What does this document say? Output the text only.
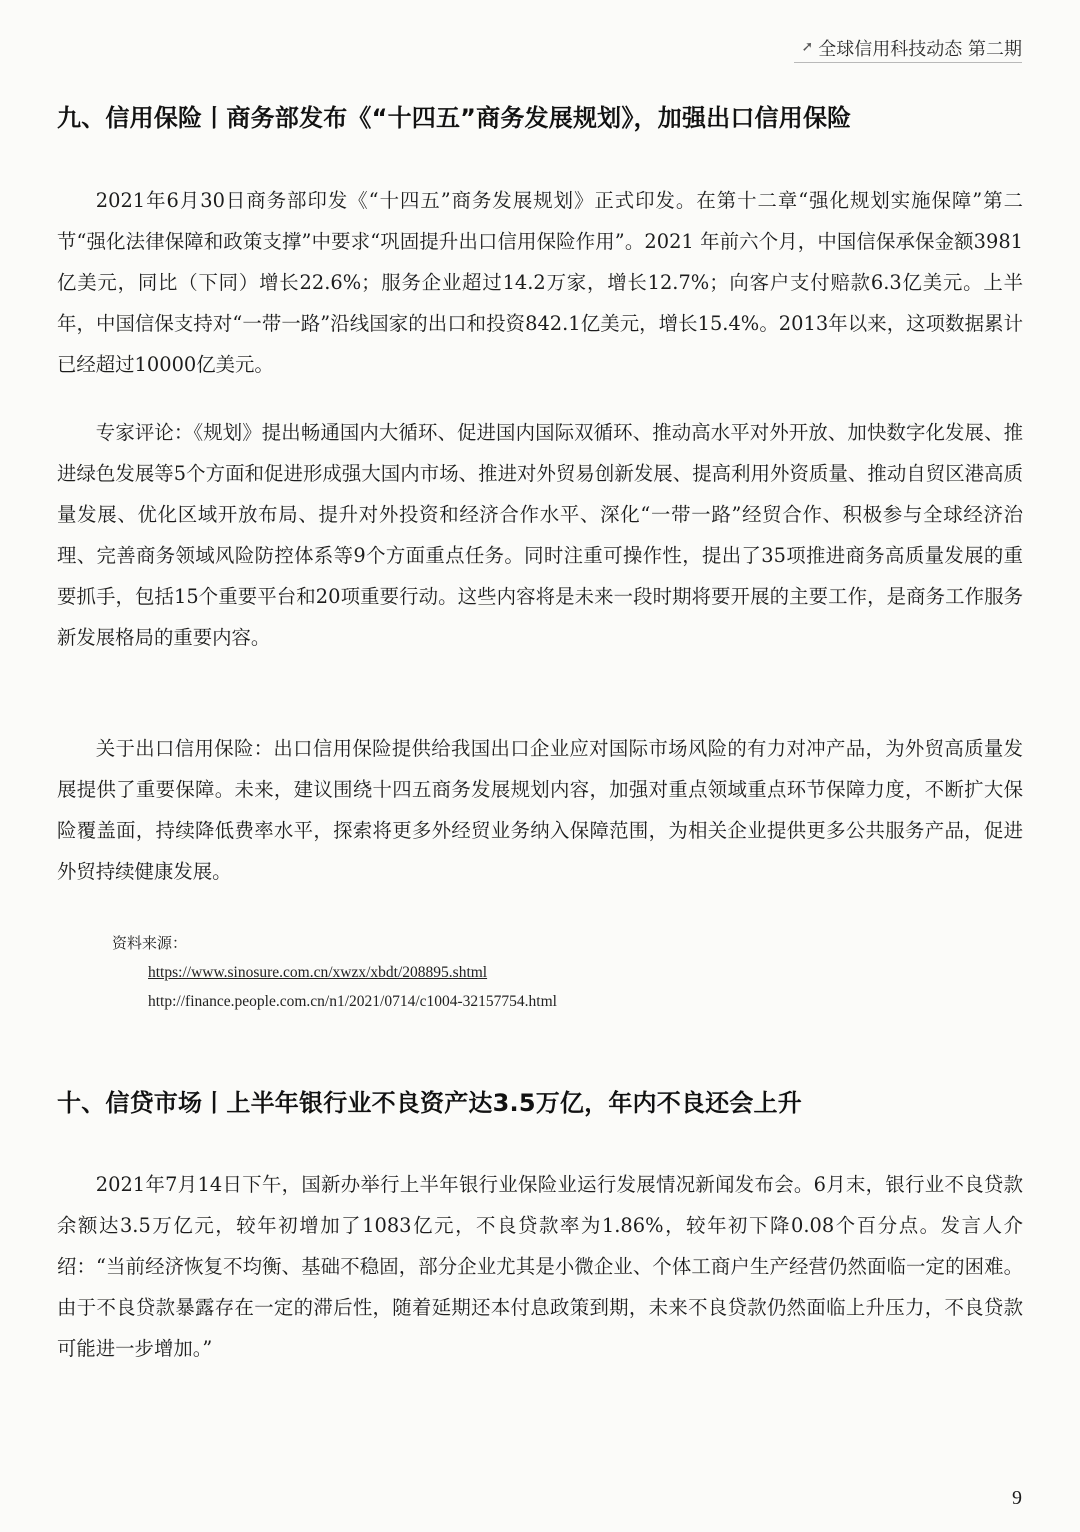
➚ 全球信用科技动态 第二期
九、信用保险丨商务部发布《“十四五”商务发展规划》，加强出口信用保险

2021年6月30日商务部印发《“十四五”商务发展规划》正式印发。在第十二章“强化规划实施保障”第二节“强化法律保障和政策支撑”中要求“巩固提升出口信用保险作用”。2021 年前六个月，中国信保承保金额3981亿美元，同比（下同）增长22.6%；服务企业超过14.2万家，增长12.7%；向客户支付赔款6.3亿美元。上半年，中国信保支持对“一带一路”沿线国家的出口和投资842.1亿美元，增长15.4%。2013年以来，这项数据累计已经超过10000亿美元。

专家评论：《规划》提出畅通国内大循环、促进国内国际双循环、推动高水平对外开放、加快数字化发展、推进绿色发展等5个方面和促进形成强大国内市场、推进对外贸易创新发展、提高利用外资质量、推动自贸区港高质量发展、优化区域开放布局、提升对外投资和经济合作水平、深化“一带一路”经贸合作、积极参与全球经济治理、完善商务领域风险防控体系等9个方面重点任务。同时注重可操作性，提出了35项推进商务高质量发展的重要抓手，包括15个重要平台和20项重要行动。这些内容将是未来一段时期将要开展的主要工作，是商务工作服务新发展格局的重要内容。

关于出口信用保险：出口信用保险提供给我国出口企业应对国际市场风险的有力对冲产品，为外贸高质量发展提供了重要保障。未来，建议围绕十四五商务发展规划内容，加强对重点领域重点环节保障力度，不断扩大保险覆盖面，持续降低费率水平，探索将更多外经贸业务纳入保障范围，为相关企业提供更多公共服务产品，促进外贸持续健康发展。

资料来源：
https://www.sinosure.com.cn/xwzx/xbdt/208895.shtml
http://finance.people.com.cn/n1/2021/0714/c1004-32157754.html
十、信贷市场丨上半年银行业不良资产达3.5万亿，年内不良还会上升

2021年7月14日下午，国新办举行上半年银行业保险业运行发展情况新闻发布会。6月末，银行业不良贷款余额达3.5万亿元，较年初增加了1083亿元，不良贷款率为1.86%，较年初下降0.08个百分点。发言人介绍：“当前经济恢复不均衡、基础不稳固，部分企业尤其是小微企业、个体工商户生产经营仍然面临一定的困难。由于不良贷款暴露存在一定的滞后性，随着延期还本付息政策到期，未来不良贷款仍然面临上升压力，不良贷款可能进一步增加。”

9
